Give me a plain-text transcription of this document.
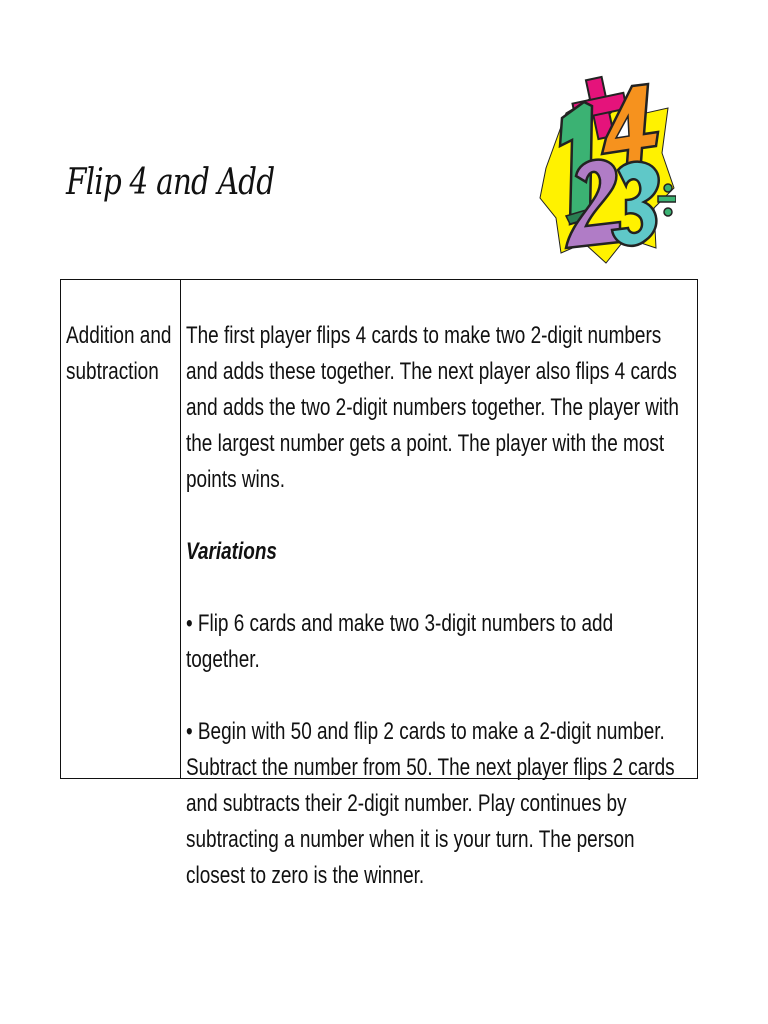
Flip 4 and Add

Addition and subtraction

The first player flips 4 cards to make two 2-digit numbers and adds these together. The next player also flips 4 cards and adds the two 2-digit numbers together. The player with the largest number gets a point. The player with the most points wins.

Variations

• Flip 6 cards and make two 3-digit numbers to add together.

• Begin with 50 and flip 2 cards to make a 2-digit number. Subtract the number from 50. The next player flips 2 cards and subtracts their 2-digit number. Play continues by subtracting a number when it is your turn. The person closest to zero is the winner.
